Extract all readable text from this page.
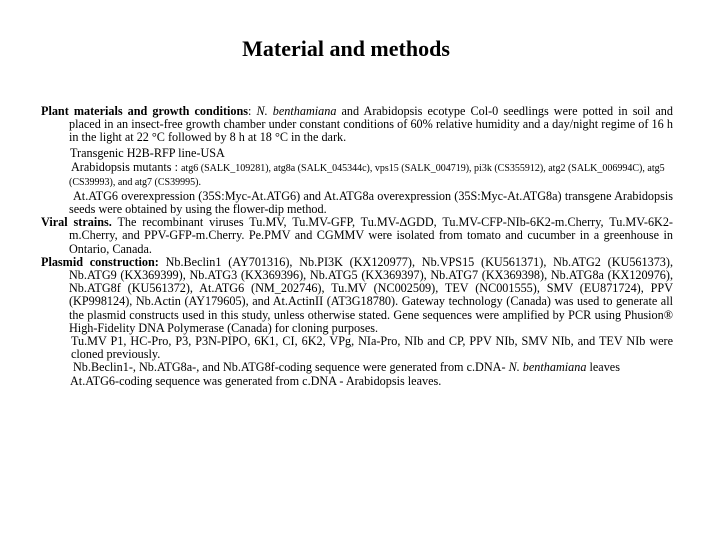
Material and methods

Plant materials and growth conditions: N. benthamiana and Arabidopsis ecotype Col-0 seedlings were potted in soil and placed in an insect-free growth chamber under constant conditions of 60% relative humidity and a day/night regime of 16 h in the light at 22 °C followed by 8 h at 18 °C in the dark.

Transgenic H2B-RFP line-USA

Arabidopsis mutants : atg6 (SALK_109281), atg8a (SALK_045344c), vps15 (SALK_004719), pi3k (CS355912), atg2 (SALK_006994C), atg5 (CS39993), and atg7 (CS39995).

At.ATG6 overexpression (35S:Myc-At.ATG6) and At.ATG8a overexpression (35S:Myc-At.ATG8a) transgene Arabidopsis seeds were obtained by using the flower-dip method.

Viral strains. The recombinant viruses Tu.MV, Tu.MV-GFP, Tu.MV-ΔGDD, Tu.MV-CFP-NIb-6K2-m.Cherry, Tu.MV-6K2-m.Cherry, and PPV-GFP-m.Cherry. Pe.PMV and CGMMV were isolated from tomato and cucumber in a greenhouse in Ontario, Canada.

Plasmid construction: Nb.Beclin1 (AY701316), Nb.PI3K (KX120977), Nb.VPS15 (KU561371), Nb.ATG2 (KU561373), Nb.ATG9 (KX369399), Nb.ATG3 (KX369396), Nb.ATG5 (KX369397), Nb.ATG7 (KX369398), Nb.ATG8a (KX120976), Nb.ATG8f (KU561372), At.ATG6 (NM_202746), Tu.MV (NC002509), TEV (NC001555), SMV (EU871724), PPV (KP998124), Nb.Actin (AY179605), and At.ActinII (AT3G18780). Gateway technology (Canada) was used to generate all the plasmid constructs used in this study, unless otherwise stated. Gene sequences were amplified by PCR using Phusion® High-Fidelity DNA Polymerase (Canada) for cloning purposes.

Tu.MV P1, HC-Pro, P3, P3N-PIPO, 6K1, CI, 6K2, VPg, NIa-Pro, NIb and CP, PPV NIb, SMV NIb, and TEV NIb were cloned previously.

Nb.Beclin1-, Nb.ATG8a-, and Nb.ATG8f-coding sequence were generated from c.DNA- N. benthamiana leaves

At.ATG6-coding sequence was generated from c.DNA - Arabidopsis leaves.
